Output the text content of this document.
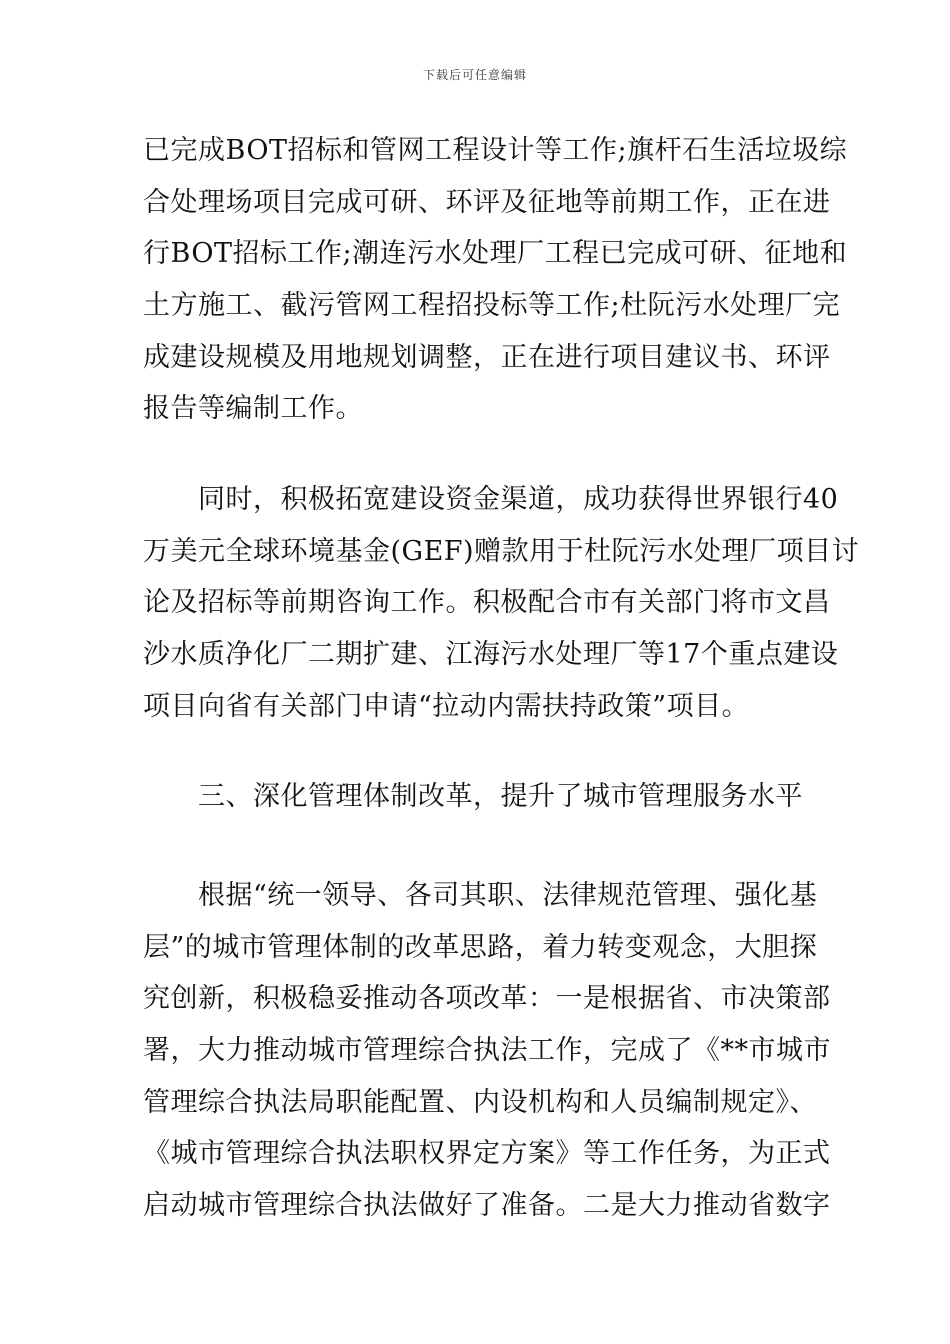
下载后可任意编辑
已完成BOT招标和管网工程设计等工作;旗杆石生活垃圾综
合处理场项目完成可研、环评及征地等前期工作，正在进
行BOT招标工作;潮连污水处理厂工程已完成可研、征地和
土方施工、截污管网工程招投标等工作;杜阮污水处理厂完
成建设规模及用地规划调整，正在进行项目建议书、环评
报告等编制工作。
　　同时，积极拓宽建设资金渠道，成功获得世界银行40
万美元全球环境基金(GEF)赠款用于杜阮污水处理厂项目讨
论及招标等前期咨询工作。积极配合市有关部门将市文昌
沙水质净化厂二期扩建、江海污水处理厂等17个重点建设
项目向省有关部门申请“拉动内需扶持政策”项目。
　　三、深化管理体制改革，提升了城市管理服务水平
　　根据“统一领导、各司其职、法律规范管理、强化基
层”的城市管理体制的改革思路，着力转变观念，大胆探
究创新，积极稳妥推动各项改革：一是根据省、市决策部
署，大力推动城市管理综合执法工作，完成了《**市城市
管理综合执法局职能配置、内设机构和人员编制规定》、
《城市管理综合执法职权界定方案》等工作任务，为正式
启动城市管理综合执法做好了准备。二是大力推动省数字
